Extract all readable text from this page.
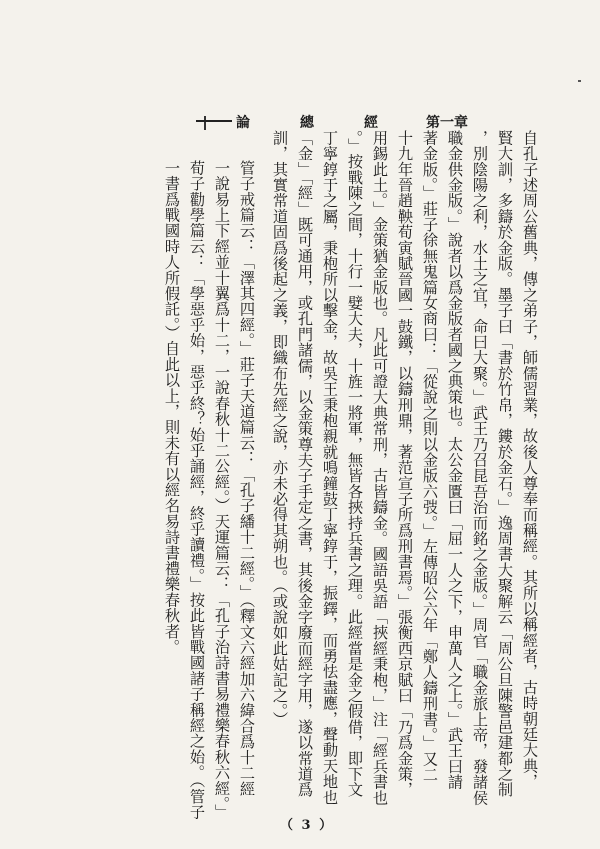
論	總	經	第一章
自孔子述周公舊典，傳之弟子，師儒習業，故後人尊奉而稱經。其所以稱經者，古時朝廷大典，
賢大訓，多鑄於金版。墨子曰「書於竹帛，鏤於金石。」逸周書大聚解云「周公旦陳警邑建都之制
，別陰陽之利，水土之宜，命曰大聚。」武王乃召昆吾治而銘之金版。」周官「職金旅上帝，發諸侯
職金供金版。」說者以爲金版者國之典策也。太公金匱曰「屈一人之下，申萬人之上。」武王曰請
著金版。」莊子徐無鬼篇女商曰：「從說之則以金版六弢。」左傳昭公六年「鄭人鑄刑書。」又二
十九年晉趙鞅荀寅賦晉國一鼓鐵，以鑄刑鼎，著范宣子所爲刑書焉。」張衡西京賦曰「乃爲金策，
用錫此土。」金策猶金版也。凡此可證大典常刑，古皆鑄金。國語吳語「挾經秉枹，」注「經兵書也
。」按戰陳之間，十行一嬖大夫，十旌一將軍，無皆各挾持兵書之理。此經當是金之假借，即下文
丁寧錞于之屬，秉枹所以擊金，故吳王秉枹親就鳴鐘鼓丁寧錞于，振鐸，而勇怯盡應，聲動天地也
「金」「經」既可通用，或孔門諸儒，以金策尊夫子手定之書，其後金字廢而經字用，遂以常道爲
訓，其實常道固爲後起之義，即織布先經之說，亦未必得其朔也。（或說如此姑記之。）
管子戒篇云：「澤其四經。」莊子天道篇云：「孔子繙十二經。」（釋文六經加六緯合爲十二經
一說易上下經並十翼爲十二，一說春秋十二公經。）天運篇云：「孔子治詩書易禮樂春秋六經。」
荀子勸學篇云：「學惡乎始，惡乎終？始乎誦經，終乎讀禮。」按此皆戰國諸子稱經之始。（管子
一書爲戰國時人所假託。）自此以上，則未有以經名易詩書禮樂春秋者。
（ 3 ）
